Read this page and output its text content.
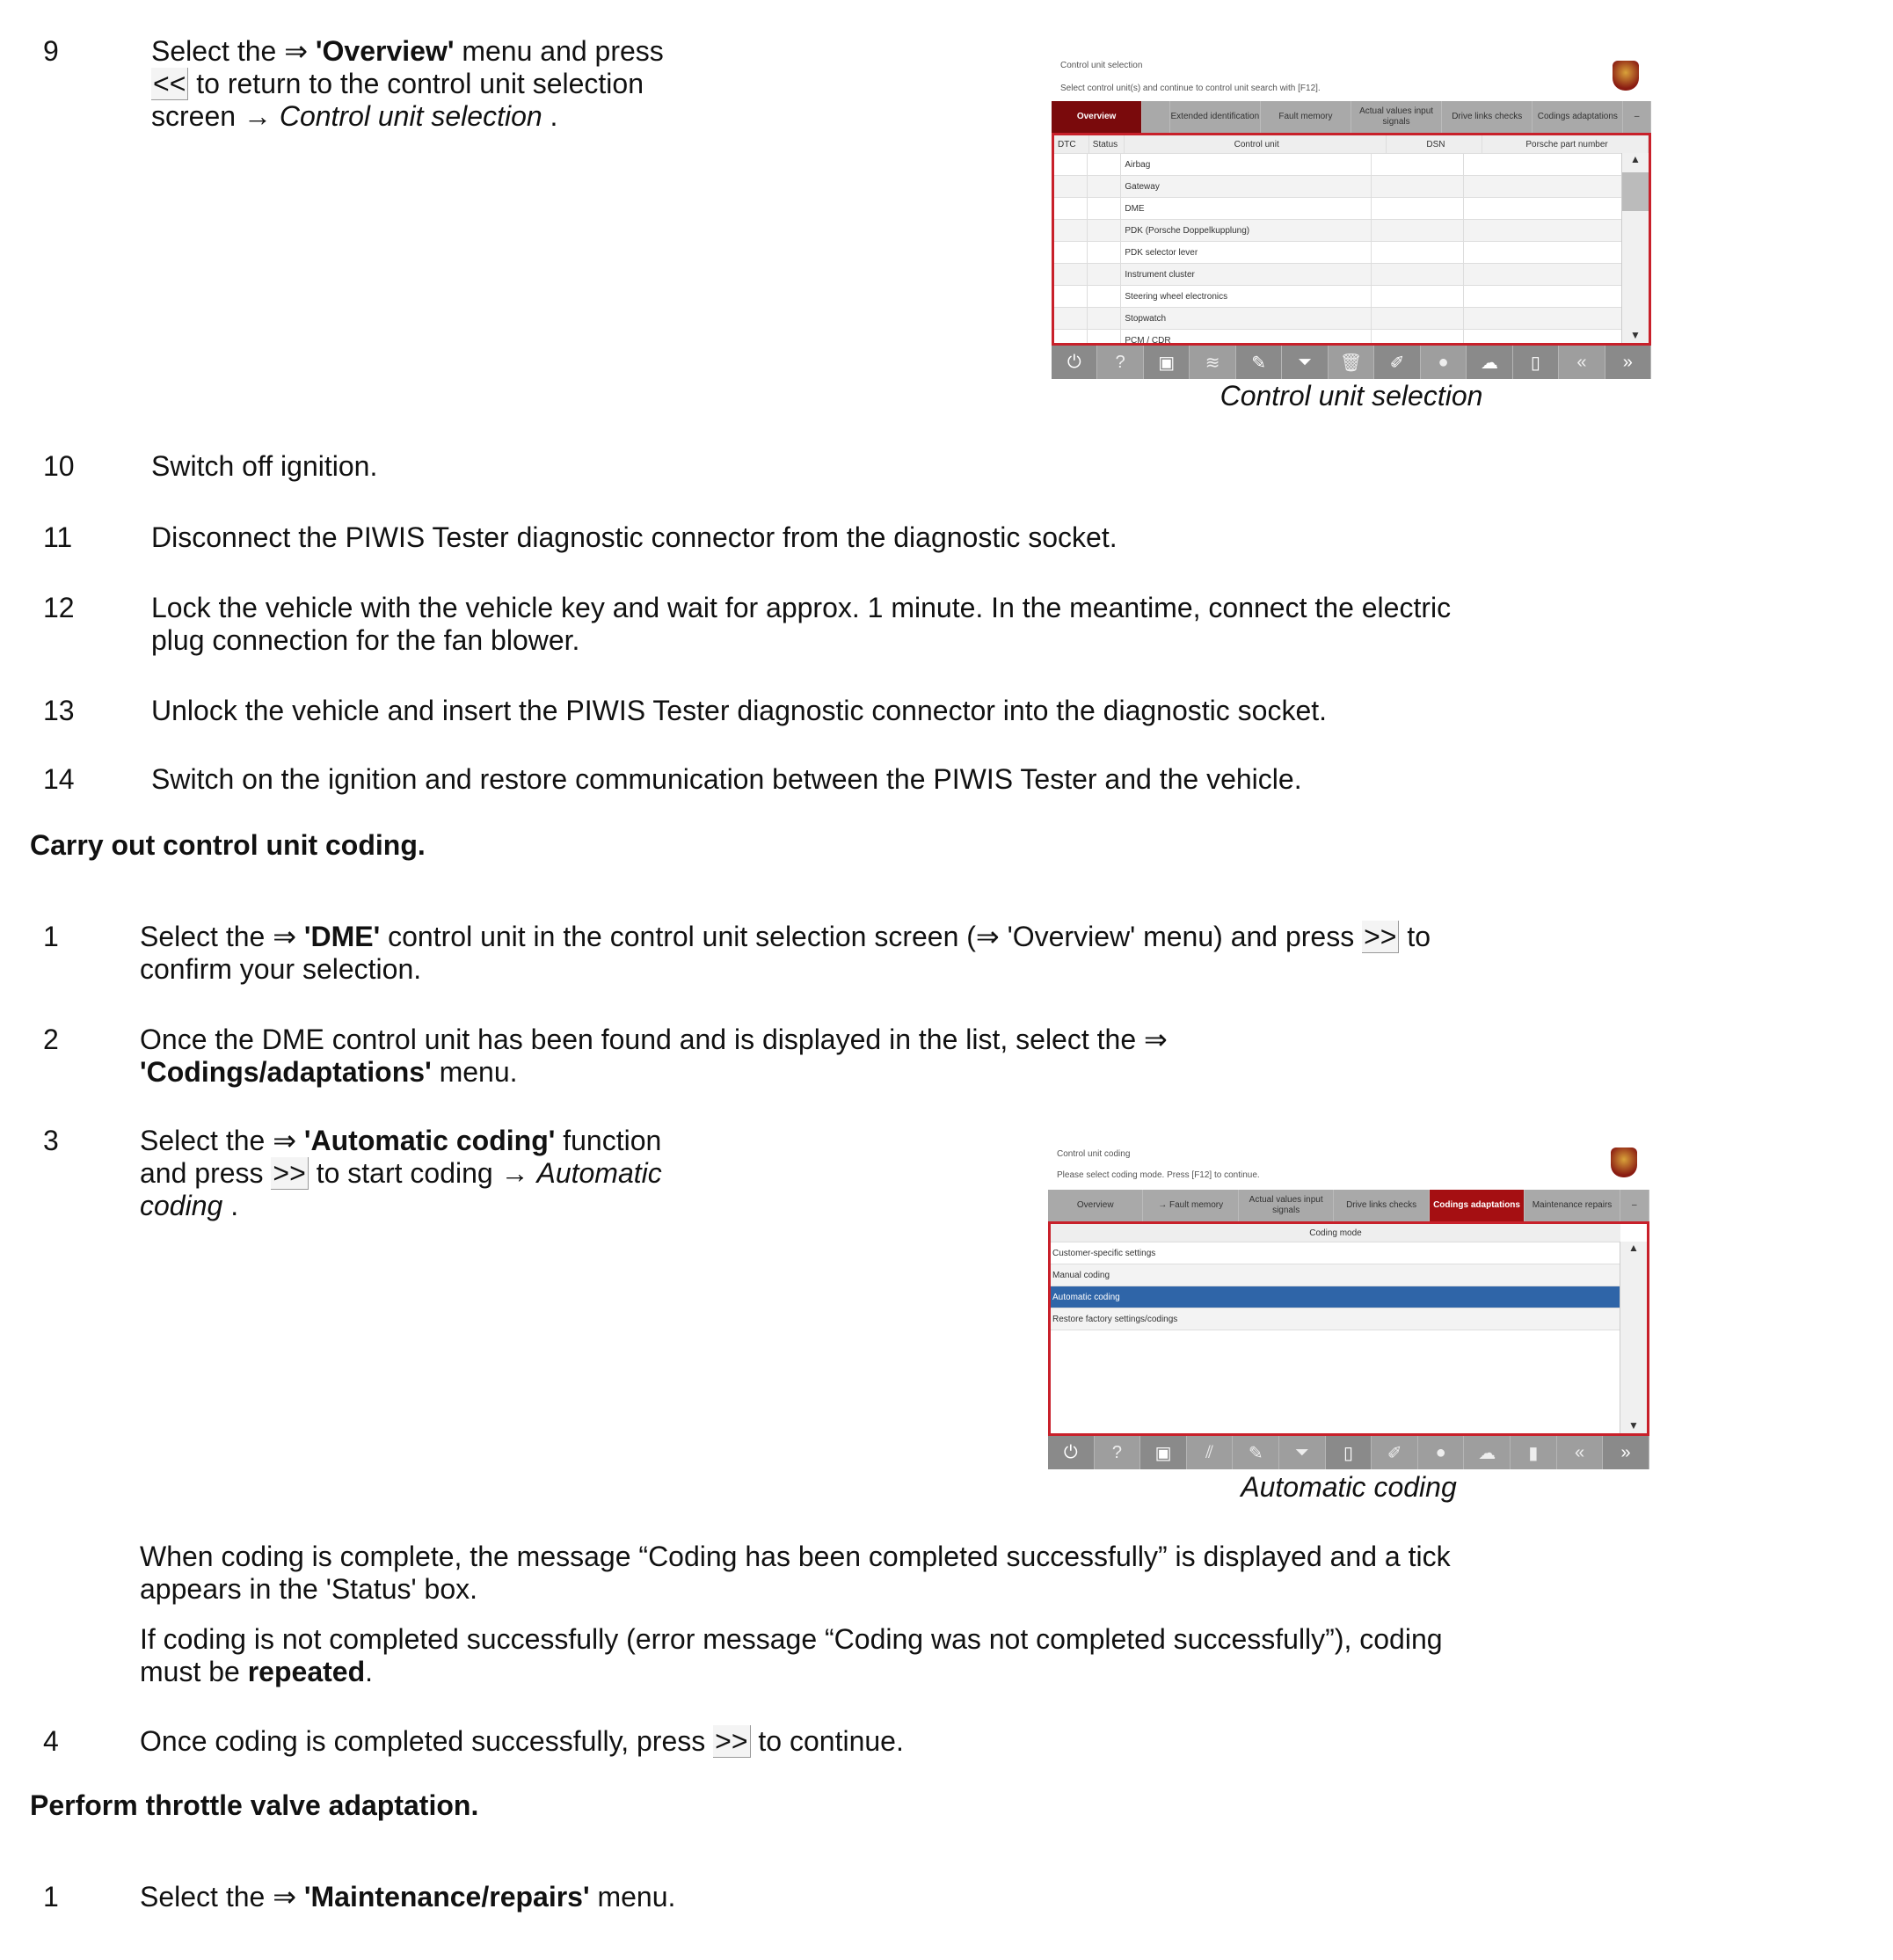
9	Select the ⇒ 'Overview' menu and press
<< to return to the control unit selection
screen → Control unit selection .
Control unit selection
Select control unit(s) and continue to control unit search with [F12].
Overview	Extended identification	Fault memory
Actual values input signals
Drive links checks	Codings adaptations	–
DTC	Status	Control unit	DSN	Porsche part number
Airbag
Gateway
DME
PDK (Porsche Doppelkupplung)
PDK selector lever
Instrument cluster
Steering wheel electronics
Stopwatch
PCM / CDR
▲
▼
⏻	?	▣	≋	✎	⏷	🗑	✐	●	☁	▯	«	»
Control unit selection
10	Switch off ignition.
11	Disconnect the PIWIS Tester diagnostic connector from the diagnostic socket.
12	Lock the vehicle with the vehicle key and wait for approx. 1 minute. In the meantime, connect the electric
plug connection for the fan blower.
13	Unlock the vehicle and insert the PIWIS Tester diagnostic connector into the diagnostic socket.
14	Switch on the ignition and restore communication between the PIWIS Tester and the vehicle.
Carry out control unit coding.
1	Select the ⇒ 'DME' control unit in the control unit selection screen (⇒ 'Overview' menu) and press >> to
confirm your selection.
2	Once the DME control unit has been found and is displayed in the list, select the ⇒
'Codings/adaptations' menu.
3	Select the ⇒ 'Automatic coding' function
and press >> to start coding → Automatic
coding .
Control unit coding
Please select coding mode. Press [F12] to continue.
Overview	→ Fault memory
Actual values input signals
Drive links checks	Codings adaptations	Maintenance repairs	–
Coding mode
Customer-specific settings
Manual coding
Automatic coding
Restore factory settings/codings
▲
▼
⏻	?	▣	⫽	✎	⏷	▯	✐	●	☁	▮	«	»
Automatic coding
When coding is complete, the message “Coding has been completed successfully” is displayed and a tick
appears in the 'Status' box.
If coding is not completed successfully (error message “Coding was not completed successfully”), coding
must be repeated.
4	Once coding is completed successfully, press >> to continue.
Perform throttle valve adaptation.
1	Select the ⇒ 'Maintenance/repairs' menu.
